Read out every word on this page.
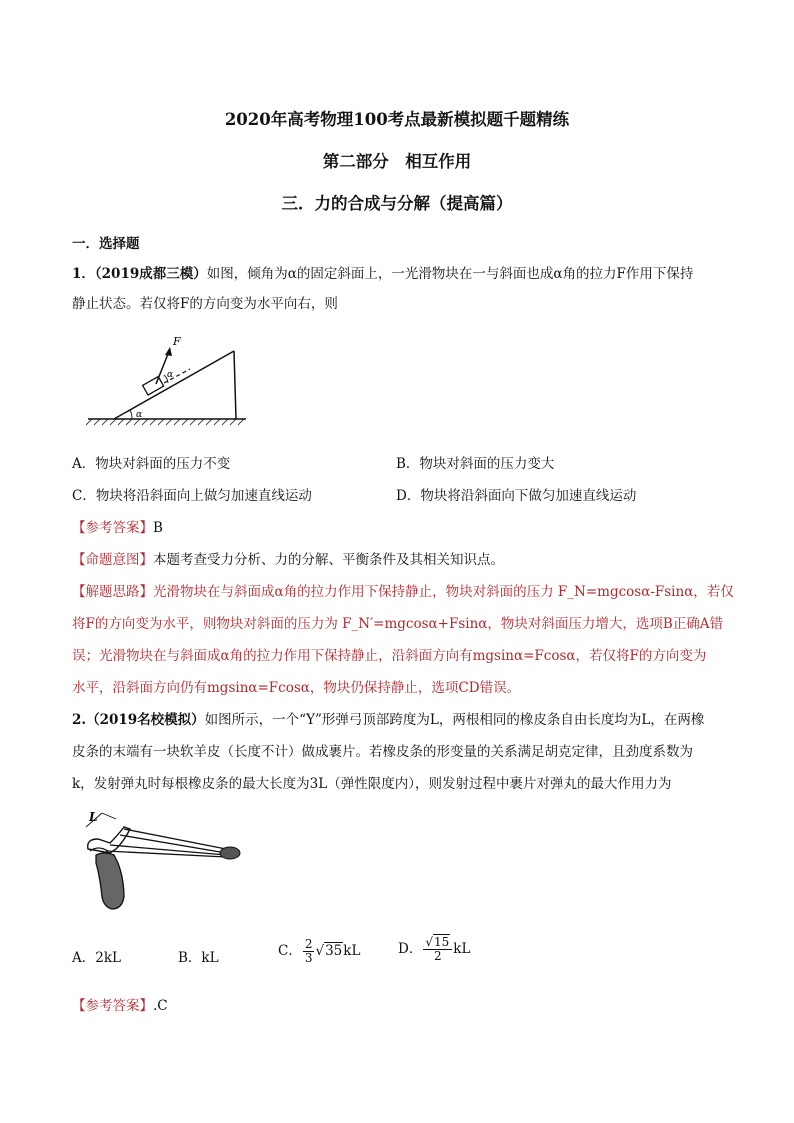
2020年高考物理100考点最新模拟题千题精练
第二部分　相互作用
三．力的合成与分解（提高篇）
一．选择题
1．（2019成都三模）如图，倾角为α的固定斜面上，一光滑物块在一与斜面也成α角的拉力F作用下保持
静止状态。若仅将F的方向变为水平向右，则
F
α
α
A．物块对斜面的压力不变	B．物块对斜面的压力变大
C．物块将沿斜面向上做匀加速直线运动	D．物块将沿斜面向下做匀加速直线运动
【参考答案】B
【命题意图】本题考查受力分析、力的分解、平衡条件及其相关知识点。
【解题思路】光滑物块在与斜面成α角的拉力作用下保持静止，物块对斜面的压力 F_N=mgcosα-Fsinα，若仅
将F的方向变为水平，则物块对斜面的压力为 F_N′=mgcosα+Fsinα，物块对斜面压力增大，选项B正确A错
误；光滑物块在与斜面成α角的拉力作用下保持静止，沿斜面方向有mgsinα=Fcosα，若仅将F的方向变为
水平，沿斜面方向仍有mgsinα=Fcosα，物块仍保持静止，选项CD错误。
2.（2019名校模拟）如图所示，一个“Y”形弹弓顶部跨度为L，两根相同的橡皮条自由长度均为L，在两橡
皮条的末端有一块软羊皮（长度不计）做成裹片。若橡皮条的形变量的关系满足胡克定律，且劲度系数为
k，发射弹丸时每根橡皮条的最大长度为3L（弹性限度内），则发射过程中裹片对弹丸的最大作用力为
L
A．2kL	B．kL	C． $\frac{2}{3} √35kL$	D． $\frac{√15}{2}$ kL
【参考答案】.C
